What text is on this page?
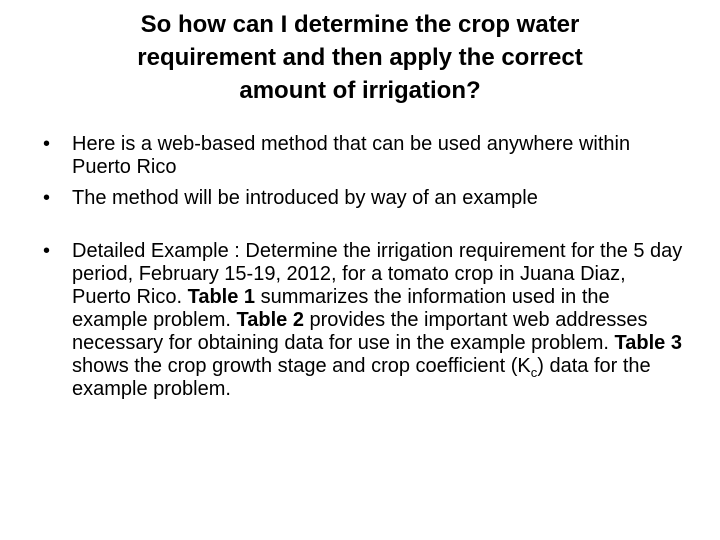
So how can I determine the crop water
requirement and then apply the correct
amount of irrigation?
• Here is a web-based method that can be used anywhere within Puerto Rico
• The method will be introduced by way of an example
• Detailed Example : Determine the irrigation requirement for the 5 day period, February 15-19, 2012, for a tomato crop in Juana Diaz, Puerto Rico. Table 1 summarizes the information used in the example problem. Table 2 provides the important web addresses necessary for obtaining data for use in the example problem. Table 3 shows the crop growth stage and crop coefficient $(K_c)$ data for the example problem.
